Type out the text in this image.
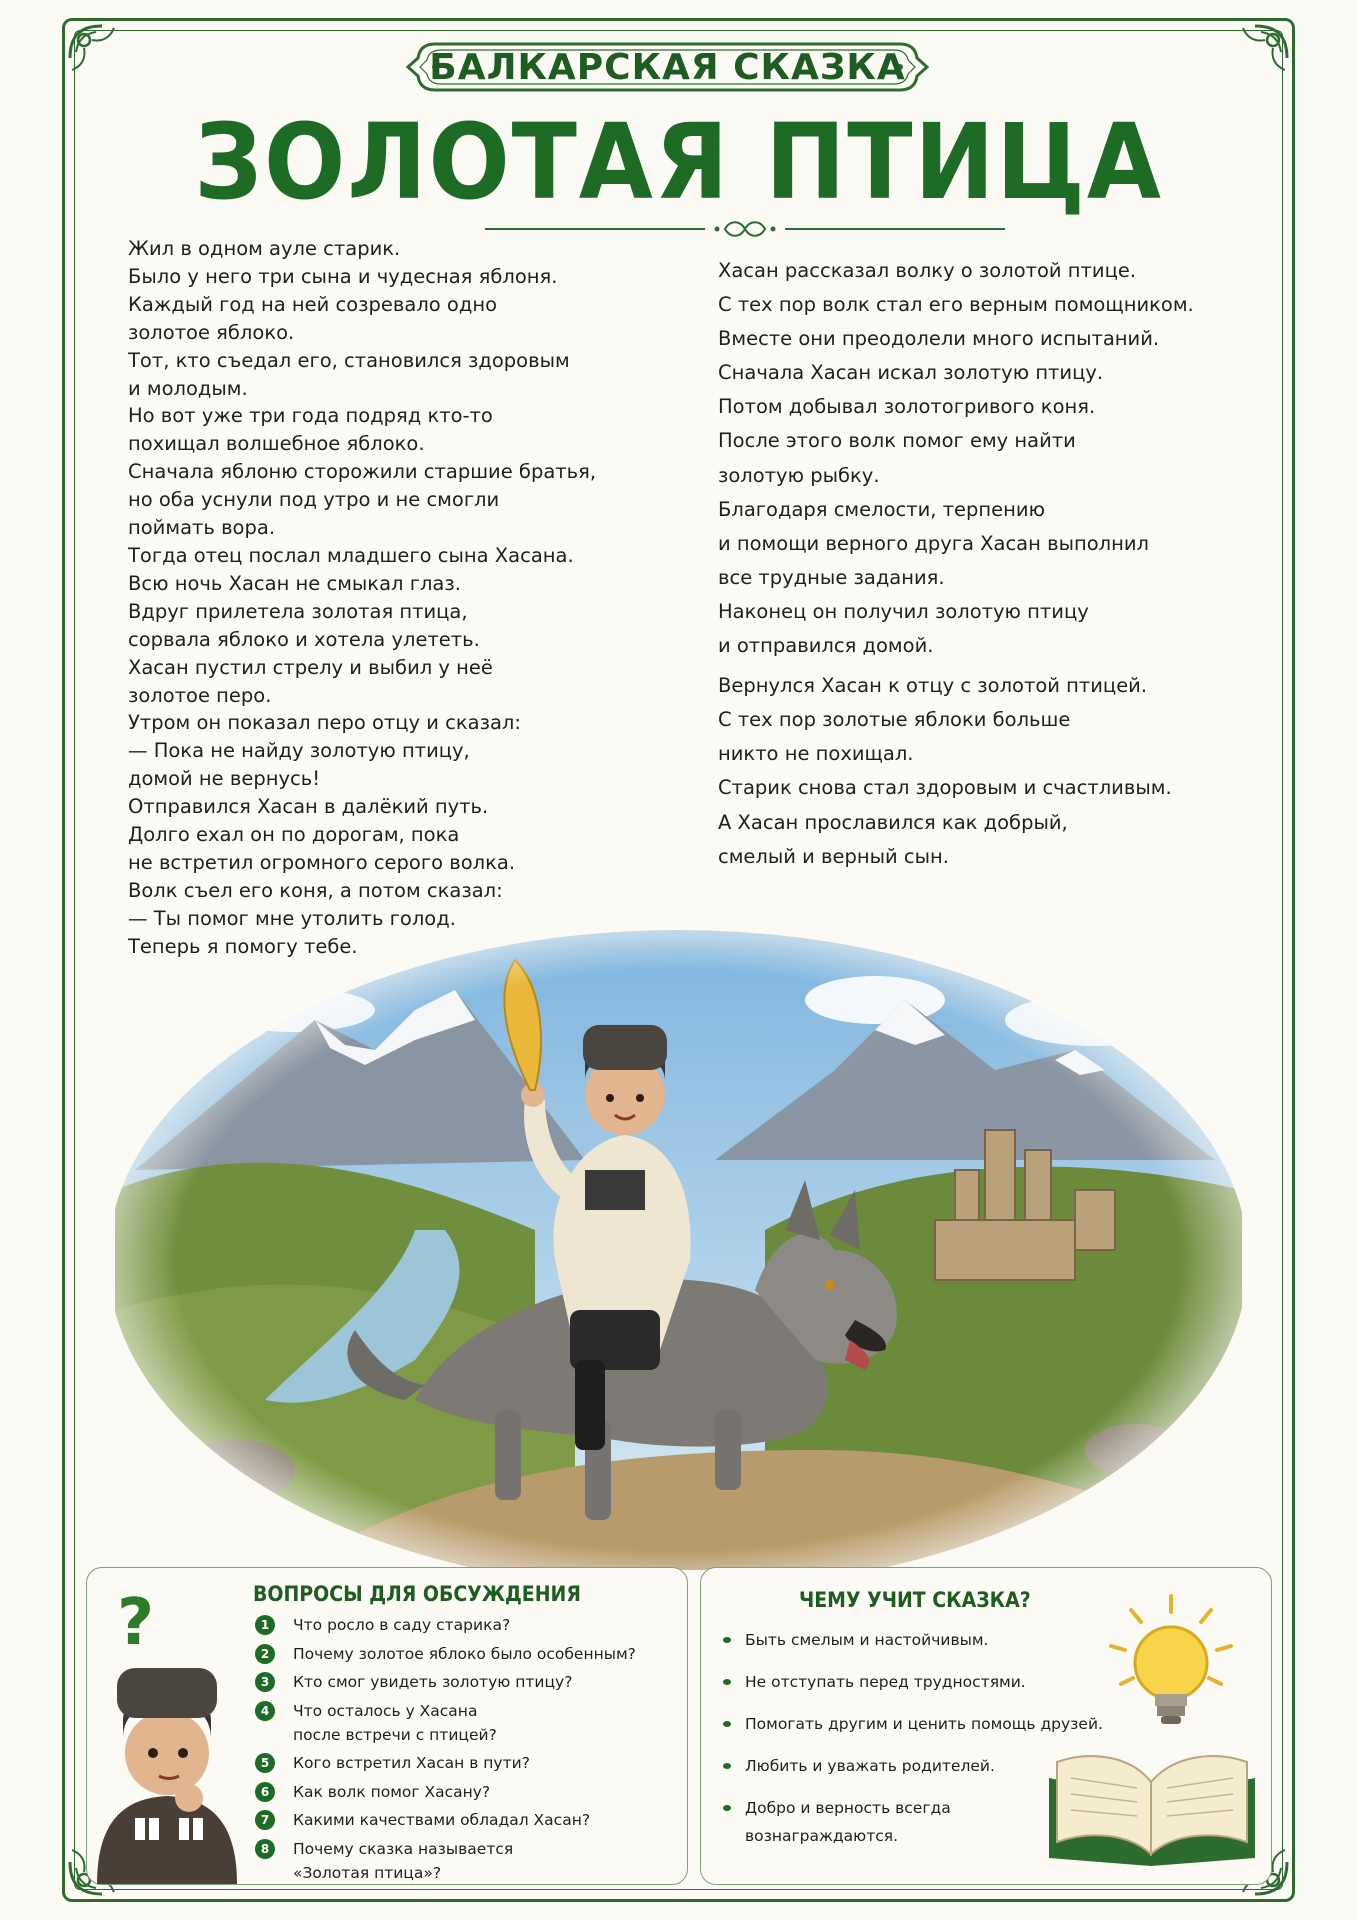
БАЛКАРСКАЯ СКАЗКА
ЗОЛОТАЯ ПТИЦА
Жил в одном ауле старик.
Было у него три сына и чудесная яблоня.
Каждый год на ней созревало одно
золотое яблоко.
Тот, кто съедал его, становился здоровым
и молодым.
Но вот уже три года подряд кто-то
похищал волшебное яблоко.
Сначала яблоню сторожили старшие братья,
но оба уснули под утро и не смогли
поймать вора.
Тогда отец послал младшего сына Хасана.
Всю ночь Хасан не смыкал глаз.
Вдруг прилетела золотая птица,
сорвала яблоко и хотела улететь.
Хасан пустил стрелу и выбил у неё
золотое перо.
Утром он показал перо отцу и сказал:
— Пока не найду золотую птицу,
домой не вернусь!
Отправился Хасан в далёкий путь.
Долго ехал он по дорогам, пока
не встретил огромного серого волка.
Волк съел его коня, а потом сказал:
— Ты помог мне утолить голод.
Хасан рассказал волку о золотой птице.
С тех пор волк стал его верным помощником.
Вместе они преодолели много испытаний.
Сначала Хасан искал золотую птицу.
Потом добывал золотогривого коня.
После этого волк помог ему найти
золотую рыбку.
Благодаря смелости, терпению
и помощи верного друга Хасан выполнил
все трудные задания.
Наконец он получил золотую птицу
и отправился домой.
Вернулся Хасан к отцу с золотой птицей.
С тех пор золотые яблоки больше
никто не похищал.
Старик снова стал здоровым и счастливым.
А Хасан прославился как добрый,
смелый и верный сын.
?	ВОПРОСЫ ДЛЯ ОБСУЖДЕНИЯ
1	Что росло в саду старика?
2	Почему золотое яблоко было особенным?
3	Кто смог увидеть золотую птицу?
4	Что осталось у Хасана
после встречи с птицей?
5	Кого встретил Хасан в пути?
6	Как волк помог Хасану?
7	Какими качествами обладал Хасан?
8	Почему сказка называется
«Золотая птица»?
ЧЕМУ УЧИТ СКАЗКА?
Быть смелым и настойчивым.
Не отступать перед трудностями.
Помогать другим и ценить помощь друзей.
Любить и уважать родителей.
Добро и верность всегда
вознаграждаются.
